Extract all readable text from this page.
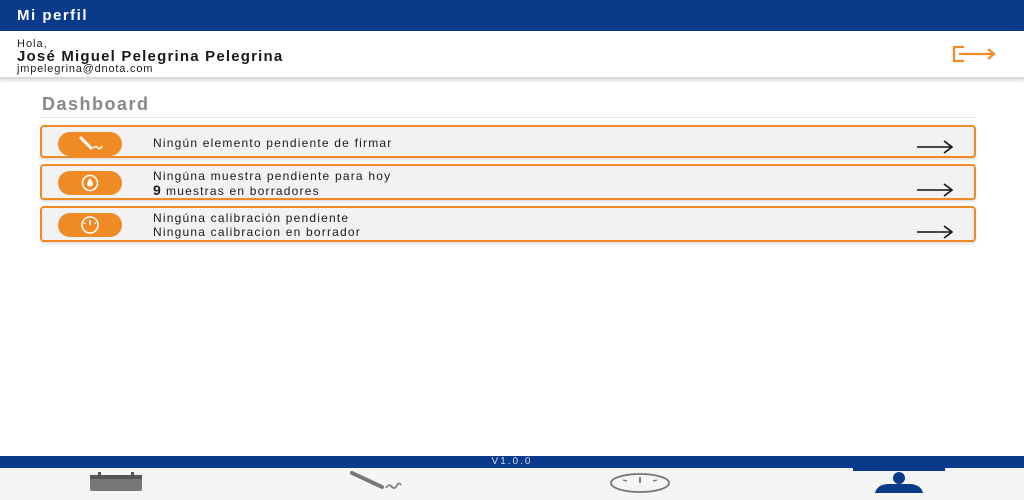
Mi perfil
Hola,
José Miguel Pelegrina Pelegrina
jmpelegrina@dnota.com
Dashboard
Ningún elemento pendiente de firmar
Ningúna muestra pendiente para hoy
9 muestras en borradores
Ningúna calibración pendiente
Ninguna calibracion en borrador
V1.0.0
